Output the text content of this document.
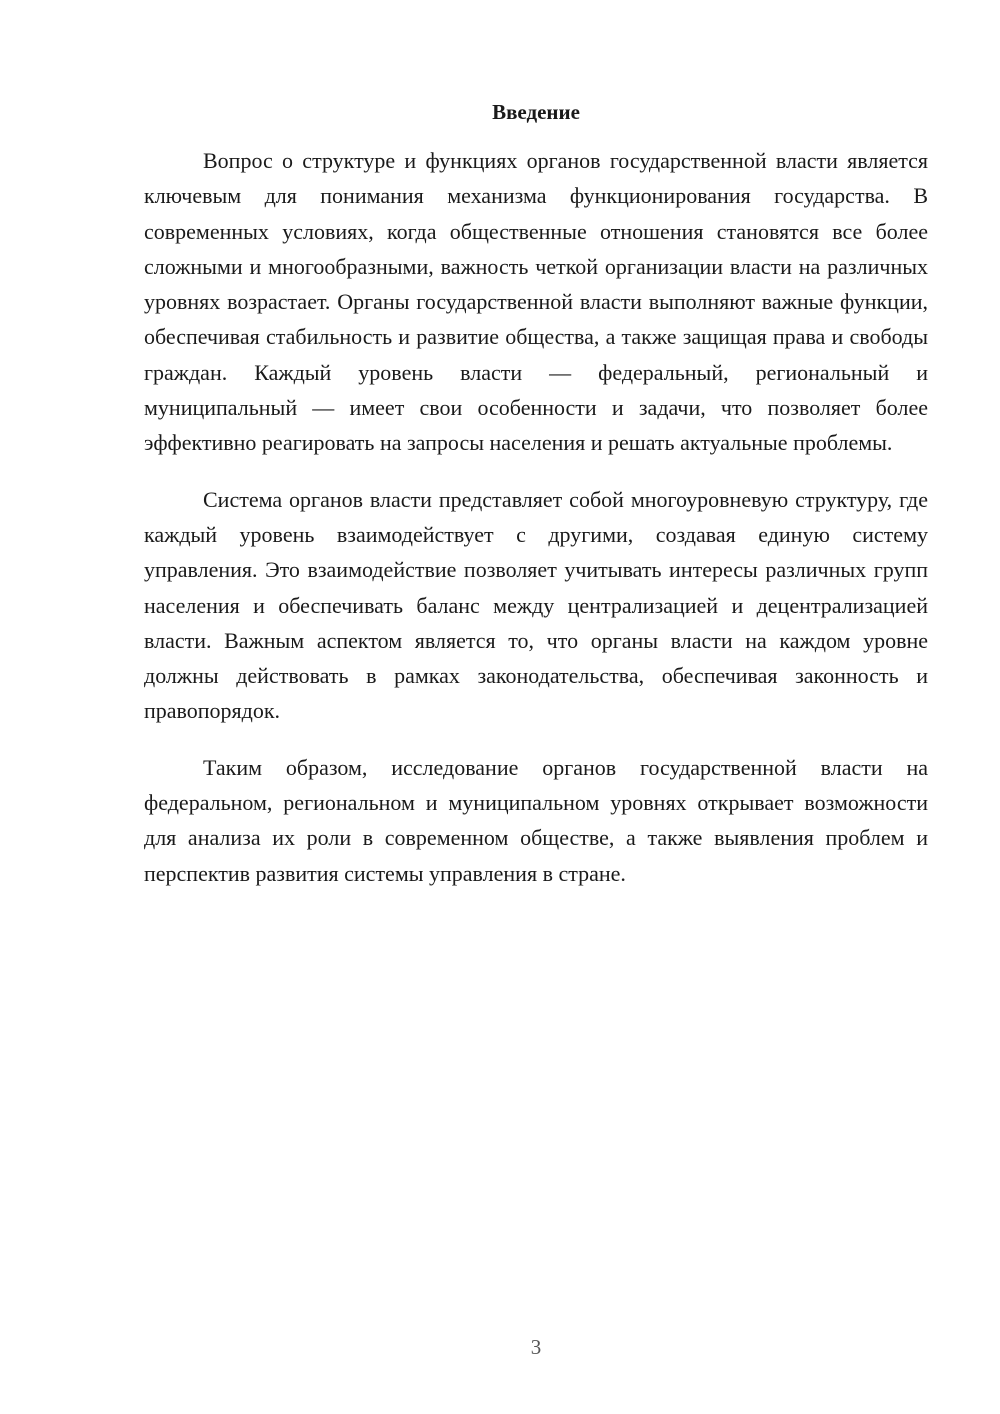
Введение

Вопрос о структуре и функциях органов государственной власти является ключевым для понимания механизма функционирования государства. В современных условиях, когда общественные отношения становятся все более сложными и многообразными, важность четкой организации власти на различных уровнях возрастает. Органы государственной власти выполняют важные функции, обеспечивая стабильность и развитие общества, а также защищая права и свободы граждан. Каждый уровень власти — федеральный, региональный и муниципальный — имеет свои особенности и задачи, что позволяет более эффективно реагировать на запросы населения и решать актуальные проблемы.

Система органов власти представляет собой многоуровневую структуру, где каждый уровень взаимодействует с другими, создавая единую систему управления. Это взаимодействие позволяет учитывать интересы различных групп населения и обеспечивать баланс между централизацией и децентрализацией власти. Важным аспектом является то, что органы власти на каждом уровне должны действовать в рамках законодательства, обеспечивая законность и правопорядок.

Таким образом, исследование органов государственной власти на федеральном, региональном и муниципальном уровнях открывает возможности для анализа их роли в современном обществе, а также выявления проблем и перспектив развития системы управления в стране.

3
